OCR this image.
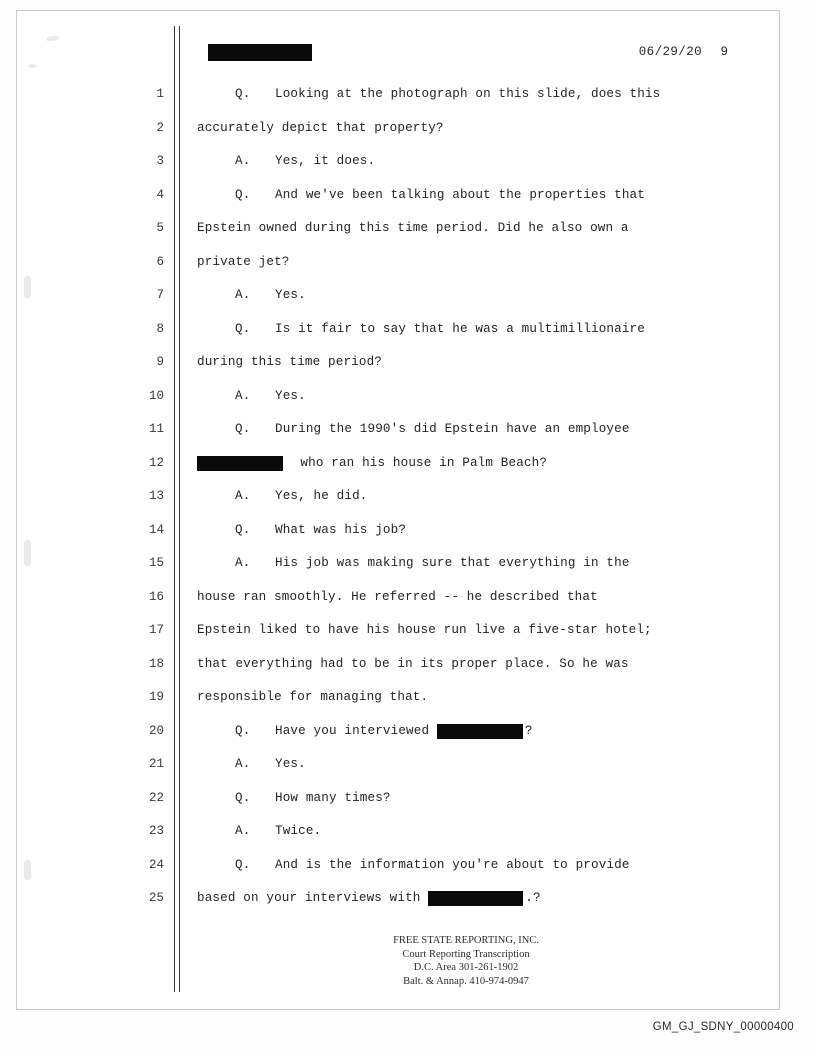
06/29/20 9
1	Q. Looking at the photograph on this slide, does this
2	accurately depict that property?
3	A. Yes, it does.
4	Q. And we've been talking about the properties that
5	Epstein owned during this time period. Did he also own a
6	private jet?
7	A. Yes.
8	Q. Is it fair to say that he was a multimillionaire
9	during this time period?
10	A. Yes.
11	Q. During the 1990's did Epstein have an employee
12	who ran his house in Palm Beach?
13	A. Yes, he did.
14	Q. What was his job?
15	A. His job was making sure that everything in the
16	house ran smoothly. He referred -- he described that
17	Epstein liked to have his house run live a five-star hotel;
18	that everything had to be in its proper place. So he was
19	responsible for managing that.
20	Q. Have you interviewed	?
21	A. Yes.
22	Q. How many times?
23	A. Twice.
24	Q. And is the information you're about to provide
25	based on your interviews with	.?
FREE STATE REPORTING, INC.
Court Reporting Transcription
D.C. Area 301-261-1902
Balt. & Annap. 410-974-0947
GM_GJ_SDNY_00000400
